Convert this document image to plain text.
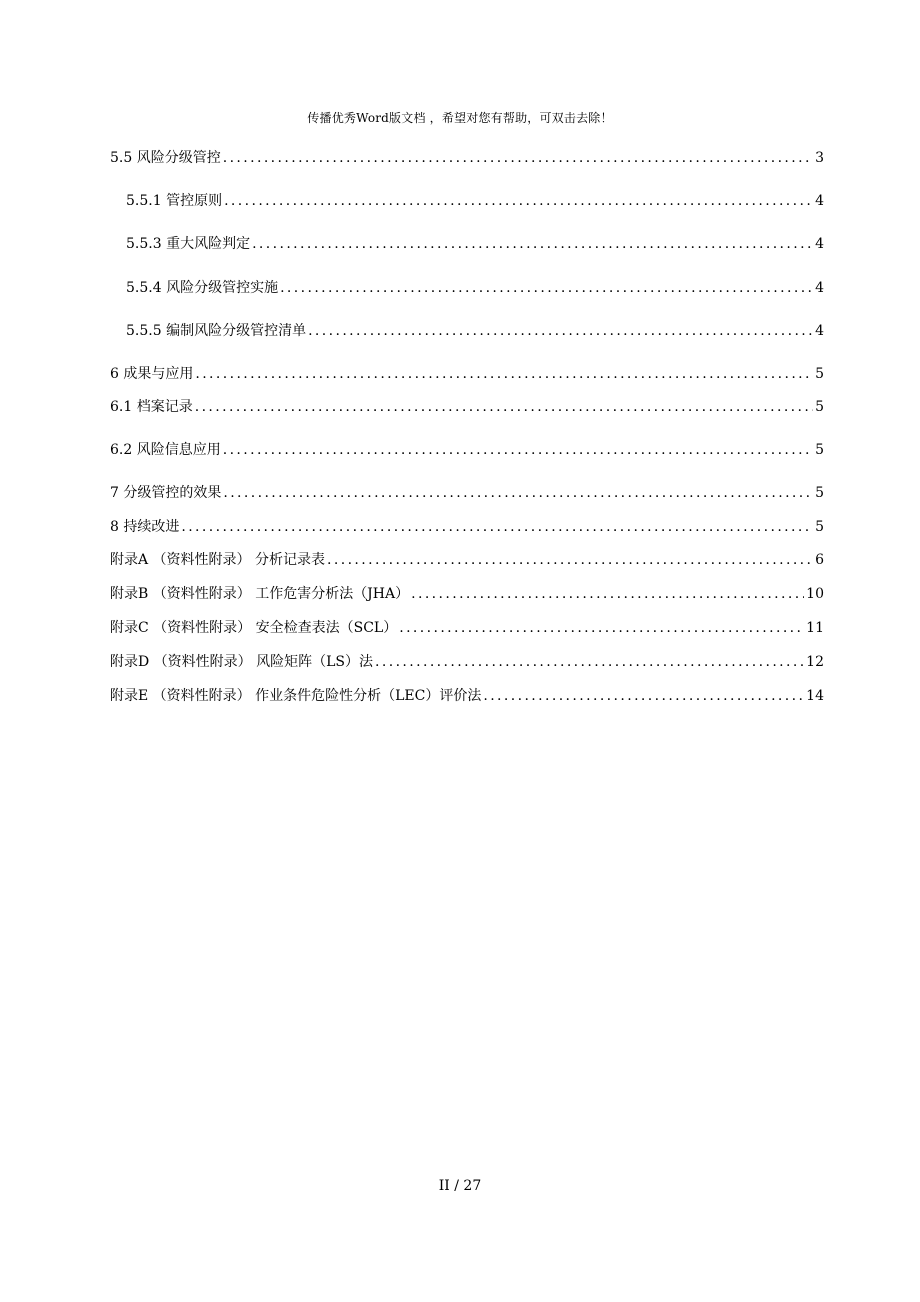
传播优秀Word版文档 ，希望对您有帮助，可双击去除！
5.5 风险分级管控 .....	3
5.5.1 管控原则 .....	4
5.5.3 重大风险判定 .....	4
5.5.4 风险分级管控实施 .....	4
5.5.5 编制风险分级管控清单 .....	4
6 成果与应用 .....	5
6.1 档案记录 .....	5
6.2 风险信息应用 .....	5
7 分级管控的效果 .....	5
8 持续改进 .....	5
附录A （资料性附录） 分析记录表 .....	6
附录B （资料性附录） 工作危害分析法（JHA） .....	10
附录C （资料性附录） 安全检查表法（SCL） .....	11
附录D （资料性附录） 风险矩阵（LS）法 .....	12
附录E （资料性附录） 作业条件危险性分析（LEC）评价法 .....	14
II / 27
